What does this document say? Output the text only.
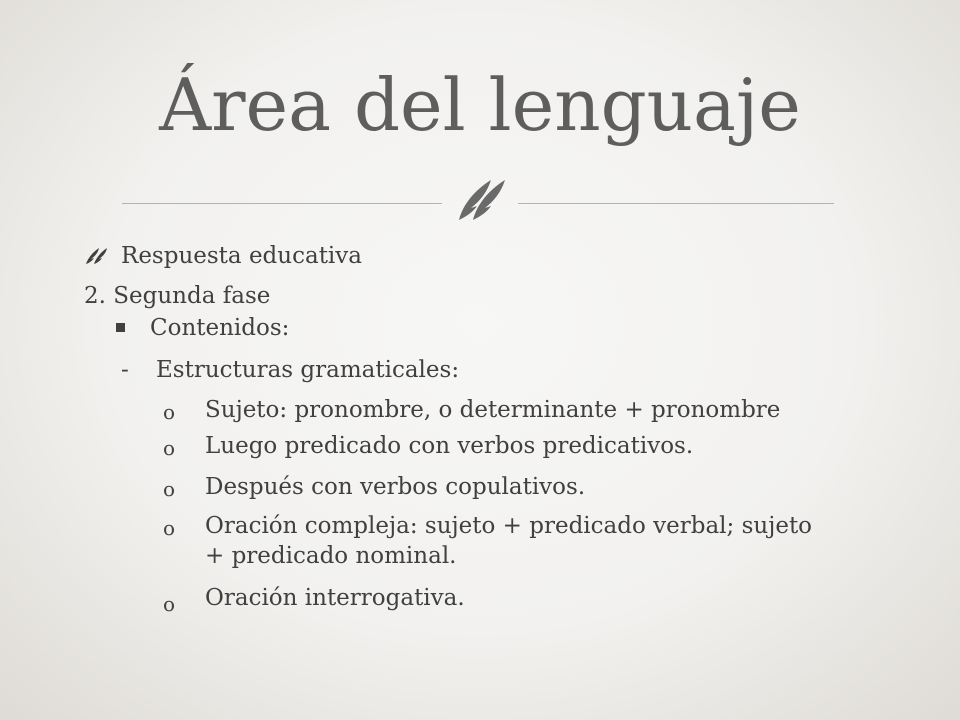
Área del lenguaje
Respuesta educativa
2. Segunda fase
Contenidos:
- Estructuras gramaticales:
o Sujeto: pronombre, o determinante + pronombre
o Luego predicado con verbos predicativos.
o Después con verbos copulativos.
o Oración compleja: sujeto + predicado verbal; sujeto
+ predicado nominal.
o Oración interrogativa.
